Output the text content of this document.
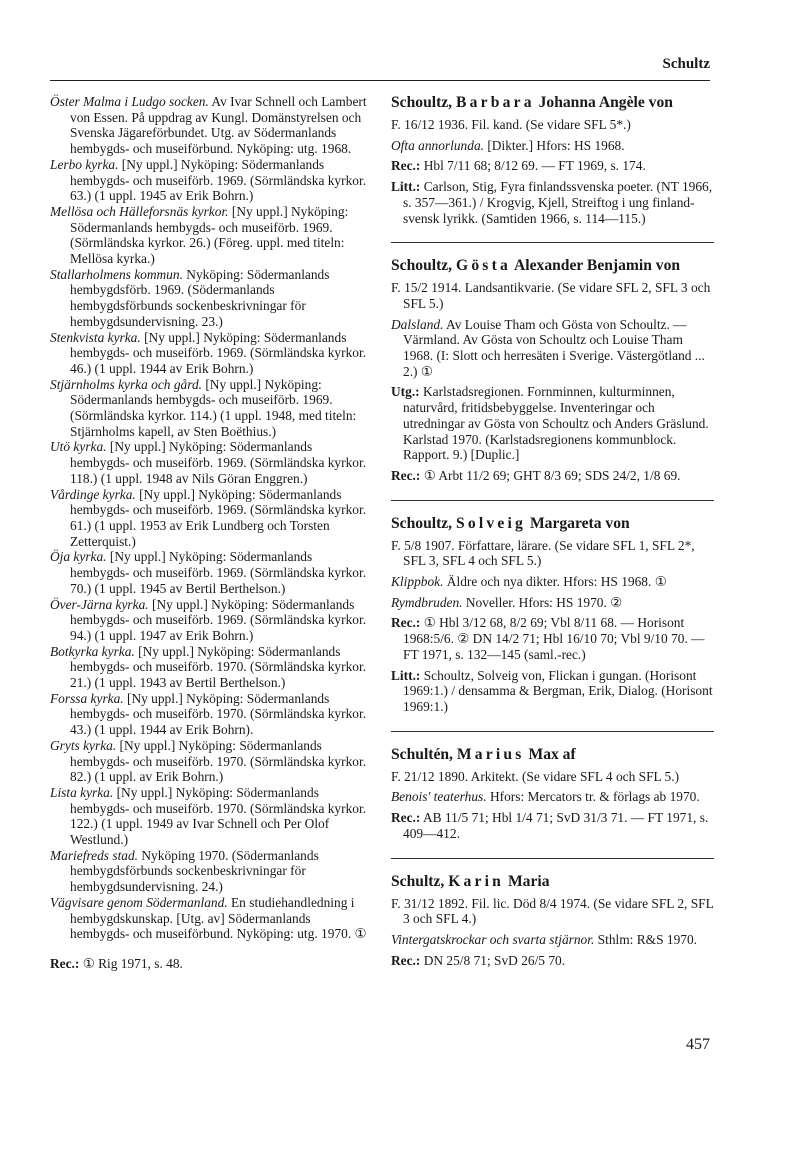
Schultz
Öster Malma i Ludgo socken. Av Ivar Schnell och Lambert von Essen. På uppdrag av Kungl. Domänstyrelsen och Svenska Jägareförbundet. Utg. av Södermanlands hembygds- och museiförbund. Nyköping: utg. 1968.
Lerbo kyrka. [Ny uppl.] Nyköping: Södermanlands hembygds- och museiförb. 1969. (Sörmländska kyrkor. 63.) (1 uppl. 1945 av Erik Bohrn.)
Mellösa och Hälleforsnäs kyrkor. [Ny uppl.] Nyköping: Södermanlands hembygds- och museiförb. 1969. (Sörmländska kyrkor. 26.) (Föreg. uppl. med titeln: Mellösa kyrka.)
Stallarholmens kommun. Nyköping: Södermanlands hembygdsförb. 1969. (Södermanlands hembygdsförbunds sockenbeskrivningar för hembygdsundervisning. 23.)
Stenkvista kyrka. [Ny uppl.] Nyköping: Södermanlands hembygds- och museiförb. 1969. (Sörmländska kyrkor. 46.) (1 uppl. 1944 av Erik Bohrn.)
Stjärnholms kyrka och gård. [Ny uppl.] Nyköping: Södermanlands hembygds- och museiförb. 1969. (Sörmländska kyrkor. 114.) (1 uppl. 1948, med titeln: Stjärnholms kapell, av Sten Boëthius.)
Utö kyrka. [Ny uppl.] Nyköping: Södermanlands hembygds- och museiförb. 1969. (Sörmländska kyrkor. 118.) (1 uppl. 1948 av Nils Göran Enggren.)
Vårdinge kyrka. [Ny uppl.] Nyköping: Södermanlands hembygds- och museiförb. 1969. (Sörmländska kyrkor. 61.) (1 uppl. 1953 av Erik Lundberg och Torsten Zetterquist.)
Öja kyrka. [Ny uppl.] Nyköping: Södermanlands hembygds- och museiförb. 1969. (Sörmländska kyrkor. 70.) (1 uppl. 1945 av Bertil Berthelson.)
Över-Järna kyrka. [Ny uppl.] Nyköping: Södermanlands hembygds- och museiförb. 1969. (Sörmländska kyrkor. 94.) (1 uppl. 1947 av Erik Bohrn.)
Botkyrka kyrka. [Ny uppl.] Nyköping: Södermanlands hembygds- och museiförb. 1970. (Sörmländska kyrkor. 21.) (1 uppl. 1943 av Bertil Berthelson.)
Forssa kyrka. [Ny uppl.] Nyköping: Södermanlands hembygds- och museiförb. 1970. (Sörmländska kyrkor. 43.) (1 uppl. 1944 av Erik Bohrn).
Gryts kyrka. [Ny uppl.] Nyköping: Södermanlands hembygds- och museiförb. 1970. (Sörmländska kyrkor. 82.) (1 uppl. av Erik Bohrn.)
Lista kyrka. [Ny uppl.] Nyköping: Södermanlands hembygds- och museiförb. 1970. (Sörmländska kyrkor. 122.) (1 uppl. 1949 av Ivar Schnell och Per Olof Westlund.)
Mariefreds stad. Nyköping 1970. (Södermanlands hembygdsförbunds sockenbeskrivningar för hembygdsundervisning. 24.)
Vägvisare genom Södermanland. En studiehandledning i hembygdskunskap. [Utg. av] Södermanlands hembygds- och museiförbund. Nyköping: utg. 1970. ①
Rec.: ① Rig 1971, s. 48.
Schoultz, Barbara Johanna Angèle von
F. 16/12 1936. Fil. kand. (Se vidare SFL 5*.)
Ofta annorlunda. [Dikter.] Hfors: HS 1968.
Rec.: Hbl 7/11 68; 8/12 69. — FT 1969, s. 174.
Litt.: Carlson, Stig, Fyra finlandssvenska poeter. (NT 1966, s. 357—361.) / Krogvig, Kjell, Streiftog i ung finland-svensk lyrikk. (Samtiden 1966, s. 114—115.)
Schoultz, Gösta Alexander Benjamin von
F. 15/2 1914. Landsantikvarie. (Se vidare SFL 2, SFL 3 och SFL 5.)
Dalsland. Av Louise Tham och Gösta von Schoultz. — Värmland. Av Gösta von Schoultz och Louise Tham 1968. (I: Slott och herresäten i Sverige. Västergötland ... 2.) ①
Utg.: Karlstadsregionen. Fornminnen, kulturminnen, naturvård, fritidsbebyggelse. Inventeringar och utredningar av Gösta von Schoultz och Anders Gräslund. Karlstad 1970. (Karlstadsregionens kommunblock. Rapport. 9.) [Duplic.]
Rec.: ① Arbt 11/2 69; GHT 8/3 69; SDS 24/2, 1/8 69.
Schoultz, Solveig Margareta von
F. 5/8 1907. Författare, lärare. (Se vidare SFL 1, SFL 2*, SFL 3, SFL 4 och SFL 5.)
Klippbok. Äldre och nya dikter. Hfors: HS 1968. ①
Rymdbruden. Noveller. Hfors: HS 1970. ②
Rec.: ① Hbl 3/12 68, 8/2 69; Vbl 8/11 68. — Horisont 1968:5/6. ② DN 14/2 71; Hbl 16/10 70; Vbl 9/10 70. — FT 1971, s. 132—145 (saml.-rec.)
Litt.: Schoultz, Solveig von, Flickan i gungan. (Horisont 1969:1.) / densamma & Bergman, Erik, Dialog. (Horisont 1969:1.)
Schultén, Marius Max af
F. 21/12 1890. Arkitekt. (Se vidare SFL 4 och SFL 5.)
Benois' teaterhus. Hfors: Mercators tr. & förlags ab 1970.
Rec.: AB 11/5 71; Hbl 1/4 71; SvD 31/3 71. — FT 1971, s. 409—412.
Schultz, Karin Maria
F. 31/12 1892. Fil. lic. Död 8/4 1974. (Se vidare SFL 2, SFL 3 och SFL 4.)
Vintergatskrockar och svarta stjärnor. Sthlm: R&S 1970.
Rec.: DN 25/8 71; SvD 26/5 70.
457
